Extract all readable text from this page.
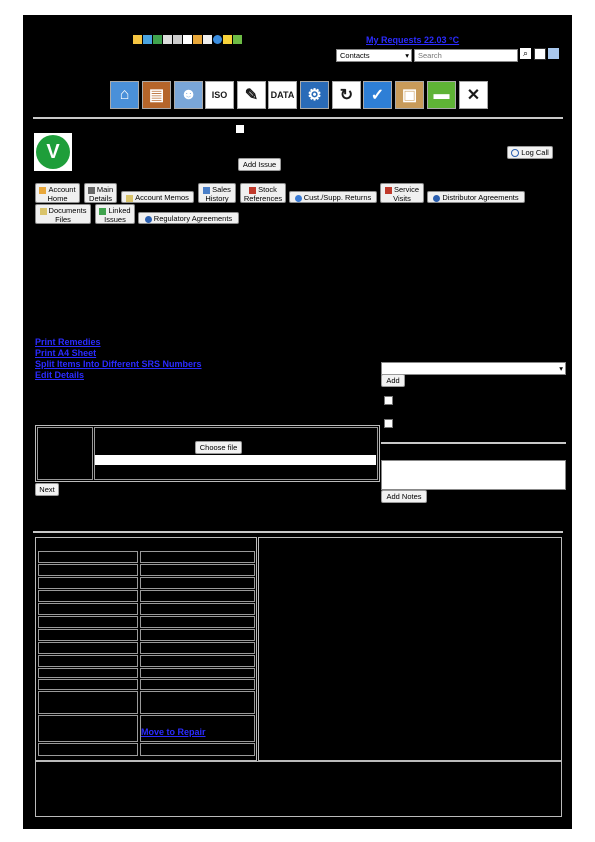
My Requests 22.03 °C
Contacts	▾
Search	⌕
⌂	▤	☻	ISO	✎	DATA ⚙	↻	✓	▣	▬	✕
V
Add Issue
Log Call
Account Home
Main Details	Account Memos
Sales History
Stock References	Cust./Supp. Returns
Service Visits	Distributor Agreements
Documents Files
Linked Issues	Regulatory Agreements
Print Remedies
Print A4 Sheet
Split Items Into Different SRS Numbers
Edit Details
▾
Add
Add Notes
Choose file
Next
Move to Repair
